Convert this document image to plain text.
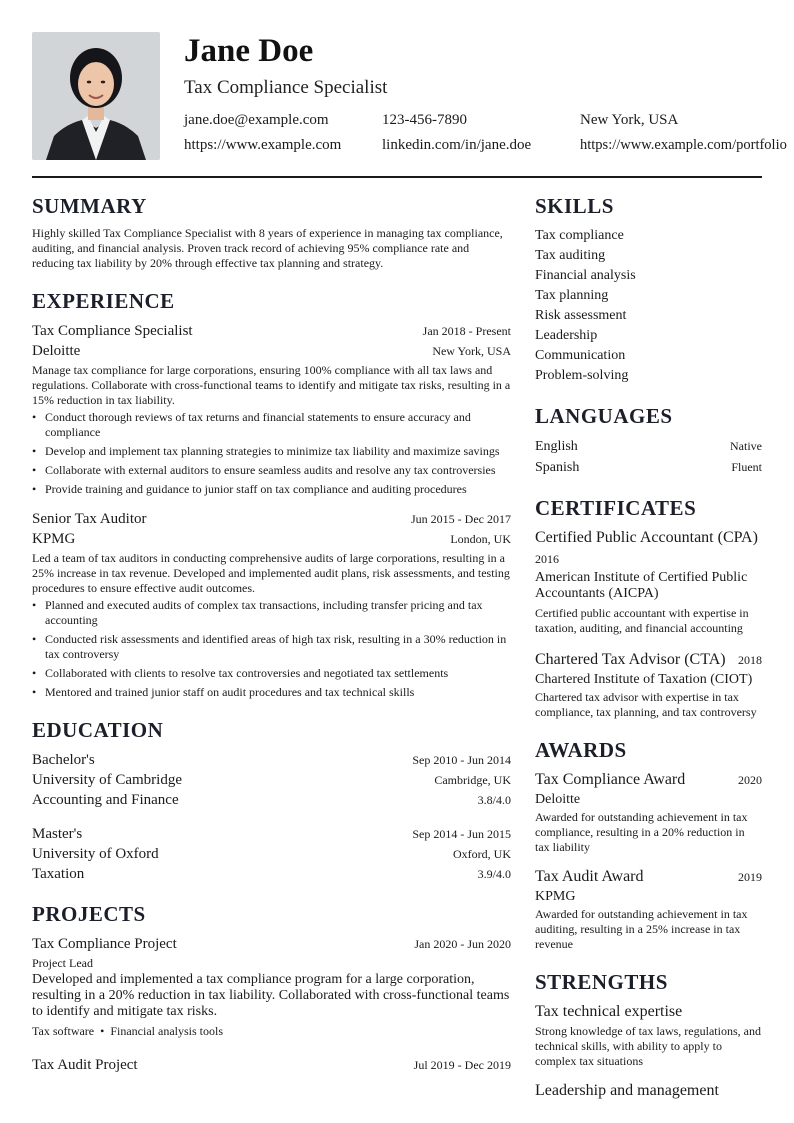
Jane Doe
Tax Compliance Specialist
jane.doe@example.com	123-456-7890	New York, USA
https://www.example.com	linkedin.com/in/jane.doe	https://www.example.com/portfolio
SUMMARY
Highly skilled Tax Compliance Specialist with 8 years of experience in managing tax compliance, auditing, and financial analysis. Proven track record of achieving 95% compliance rate and reducing tax liability by 20% through effective tax planning and strategy.
EXPERIENCE
Tax Compliance Specialist	Jan 2018 - Present
Deloitte	New York, USA
Manage tax compliance for large corporations, ensuring 100% compliance with all tax laws and regulations. Collaborate with cross-functional teams to identify and mitigate tax risks, resulting in a 15% reduction in tax liability.
• Conduct thorough reviews of tax returns and financial statements to ensure accuracy and compliance
• Develop and implement tax planning strategies to minimize tax liability and maximize savings
• Collaborate with external auditors to ensure seamless audits and resolve any tax controversies
• Provide training and guidance to junior staff on tax compliance and auditing procedures
Senior Tax Auditor	Jun 2015 - Dec 2017
KPMG	London, UK
Led a team of tax auditors in conducting comprehensive audits of large corporations, resulting in a 25% increase in tax revenue. Developed and implemented audit plans, risk assessments, and testing procedures to ensure effective audit outcomes.
• Planned and executed audits of complex tax transactions, including transfer pricing and tax accounting
• Conducted risk assessments and identified areas of high tax risk, resulting in a 30% reduction in tax controversy
• Collaborated with clients to resolve tax controversies and negotiated tax settlements
• Mentored and trained junior staff on audit procedures and tax technical skills
EDUCATION
Bachelor's	Sep 2010 - Jun 2014
University of Cambridge	Cambridge, UK
Accounting and Finance	3.8/4.0
Master's	Sep 2014 - Jun 2015
University of Oxford	Oxford, UK
Taxation	3.9/4.0
PROJECTS
Tax Compliance Project	Jan 2020 - Jun 2020
Project Lead
Developed and implemented a tax compliance program for a large corporation, resulting in a 20% reduction in tax liability. Collaborated with cross-functional teams to identify and mitigate tax risks.
Tax software • Financial analysis tools
Tax Audit Project	Jul 2019 - Dec 2019
SKILLS
Tax compliance
Tax auditing
Financial analysis
Tax planning
Risk assessment
Leadership
Communication
Problem-solving
LANGUAGES
English	Native
Spanish	Fluent
CERTIFICATES
Certified Public Accountant (CPA)
2016
American Institute of Certified Public Accountants (AICPA)
Certified public accountant with expertise in taxation, auditing, and financial accounting
Chartered Tax Advisor (CTA) 2018
Chartered Institute of Taxation (CIOT)
Chartered tax advisor with expertise in tax compliance, tax planning, and tax controversy
AWARDS
Tax Compliance Award	2020
Deloitte
Awarded for outstanding achievement in tax compliance, resulting in a 20% reduction in tax liability
Tax Audit Award	2019
KPMG
Awarded for outstanding achievement in tax auditing, resulting in a 25% increase in tax revenue
STRENGTHS
Tax technical expertise
Strong knowledge of tax laws, regulations, and technical skills, with ability to apply to complex tax situations
Leadership and management
